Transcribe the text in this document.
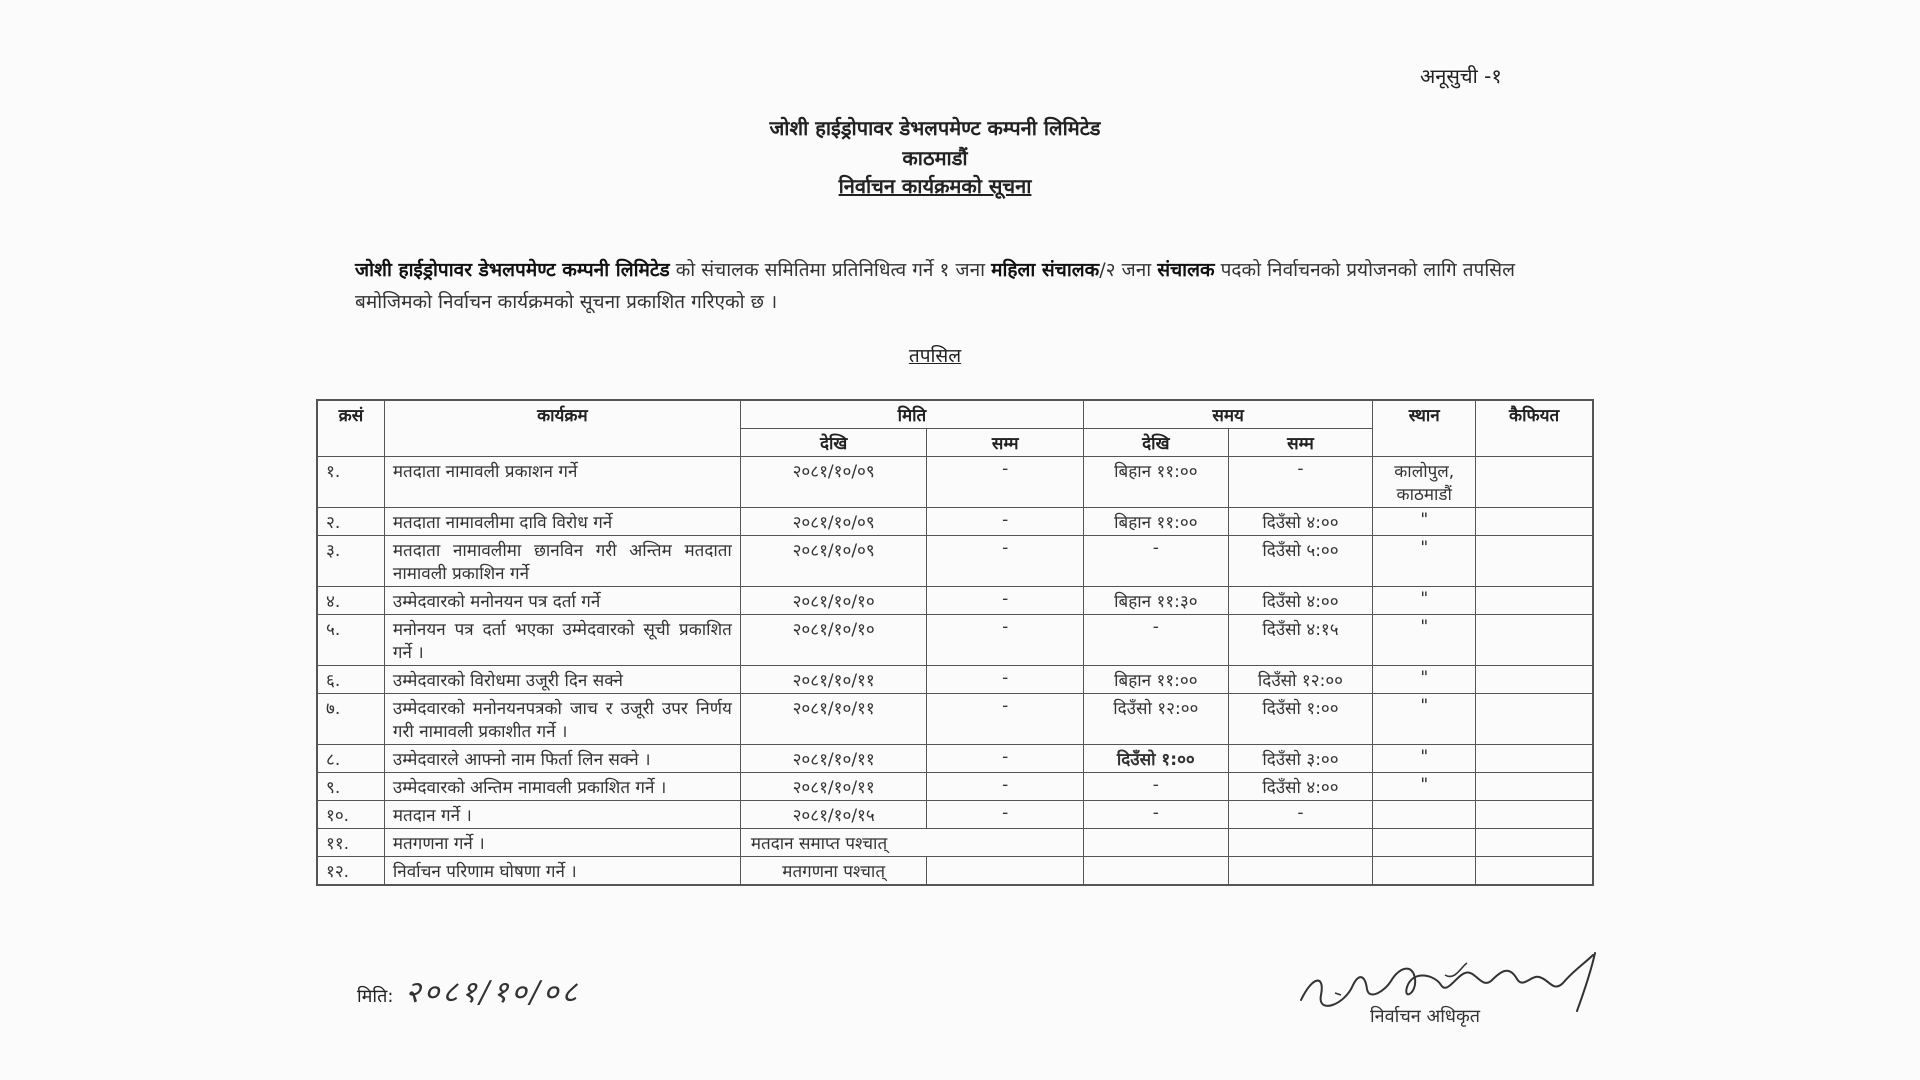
अनूसुची -१
जोशी हाईड्रोपावर डेभलपमेण्ट कम्पनी लिमिटेड
काठमाडौं
निर्वाचन कार्यक्रमको सूचना
जोशी हाईड्रोपावर डेभलपमेण्ट कम्पनी लिमिटेड को संचालक समितिमा प्रतिनिधित्व गर्ने १ जना महिला संचालक/२ जना संचालक पदको निर्वाचनको प्रयोजनको लागि तपसिल बमोजिमको निर्वाचन कार्यक्रमको सूचना प्रकाशित गरिएको छ ।
तपसिल
क्रसं	कार्यक्रम	मिति		समय		स्थान	कैफियत
		देखि	सम्म	देखि	सम्म		
१.	मतदाता नामावली प्रकाशन गर्ने	२०८१/१०/०९	-	बिहान ११:००	-	कालोपुल, काठमाडौं	
२.	मतदाता नामावलीमा दावि विरोध गर्ने	२०८१/१०/०९	-	बिहान ११:००	दिउँसो ४:००	"	
३.	मतदाता नामावलीमा छानविन गरी अन्तिम मतदाता नामावली प्रकाशिन गर्ने	२०८१/१०/०९	-	-	दिउँसो ५:००	"	
४.	उम्मेदवारको मनोनयन पत्र दर्ता गर्ने	२०८१/१०/१०	-	बिहान ११:३०	दिउँसो ४:००	"	
५.	मनोनयन पत्र दर्ता भएका उम्मेदवारको सूची प्रकाशित गर्ने ।	२०८१/१०/१०	-	-	दिउँसो ४:१५	"	
६.	उम्मेदवारको विरोधमा उजूरी दिन सक्ने	२०८१/१०/११	-	बिहान ११:००	दिउँसो १२:००	"	
७.	उम्मेदवारको मनोनयनपत्रको जाच र उजूरी उपर निर्णय गरी नामावली प्रकाशीत गर्ने ।	२०८१/१०/११	-	दिउँसो १२:००	दिउँसो १:००	"	
८.	उम्मेदवारले आफ्नो नाम फिर्ता लिन सक्ने ।	२०८१/१०/११	-	दिउँसो १:००	दिउँसो ३:००	"	
९.	उम्मेदवारको अन्तिम नामावली प्रकाशित गर्ने ।	२०८१/१०/११	-	-	दिउँसो ४:००	"	
१०.	मतदान गर्ने ।	२०८१/१०/१५	-	-	-		
११.	मतगणना गर्ने ।	मतदान समाप्त पश्चात्					
१२.	निर्वाचन परिणाम घोषणा गर्ने ।	मतगणना पश्चात्					
मिति: २०८१/१०/०८
निर्वाचन अधिकृत
